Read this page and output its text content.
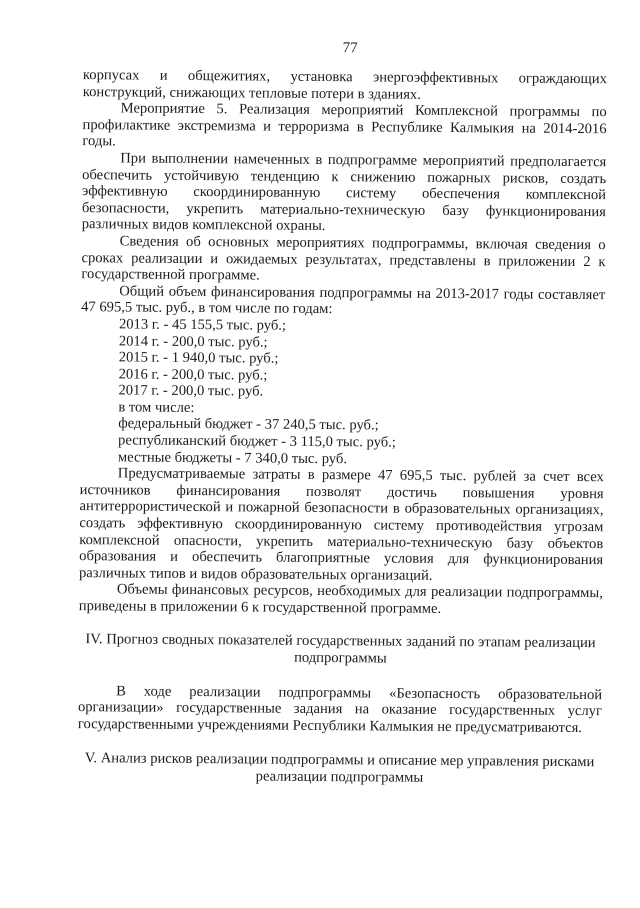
77

корпусах и общежитиях, установка энергоэффективных ограждающих конструкций, снижающих тепловые потери в зданиях.

Мероприятие 5. Реализация мероприятий Комплексной программы по профилактике экстремизма и терроризма в Республике Калмыкия на 2014-2016 годы.

При выполнении намеченных в подпрограмме мероприятий предполагается обеспечить устойчивую тенденцию к снижению пожарных рисков, создать эффективную скоординированную систему обеспечения комплексной безопасности, укрепить материально-техническую базу функционирования различных видов комплексной охраны.

Сведения об основных мероприятиях подпрограммы, включая сведения о сроках реализации и ожидаемых результатах, представлены в приложении 2 к государственной программе.

Общий объем финансирования подпрограммы на 2013-2017 годы составляет 47 695,5 тыс. руб., в том числе по годам:

2013 г. - 45 155,5 тыс. руб.;

2014 г. - 200,0 тыс. руб.;

2015 г. - 1 940,0 тыс. руб.;

2016 г. - 200,0 тыс. руб.;

2017 г. - 200,0 тыс. руб.

в том числе:

федеральный бюджет - 37 240,5 тыс. руб.;

республиканский бюджет - 3 115,0 тыс. руб.;

местные бюджеты - 7 340,0 тыс. руб.

Предусматриваемые затраты в размере 47 695,5 тыс. рублей за счет всех источников финансирования позволят достичь повышения уровня антитеррористической и пожарной безопасности в образовательных организациях, создать эффективную скоординированную систему противодействия угрозам комплексной опасности, укрепить материально-техническую базу объектов образования и обеспечить благоприятные условия для функционирования различных типов и видов образовательных организаций.

Объемы финансовых ресурсов, необходимых для реализации подпрограммы, приведены в приложении 6 к государственной программе.

IV. Прогноз сводных показателей государственных заданий по этапам реализации подпрограммы

В ходе реализации подпрограммы «Безопасность образовательной организации» государственные задания на оказание государственных услуг государственными учреждениями Республики Калмыкия не предусматриваются.

V. Анализ рисков реализации подпрограммы и описание мер управления рисками реализации подпрограммы
